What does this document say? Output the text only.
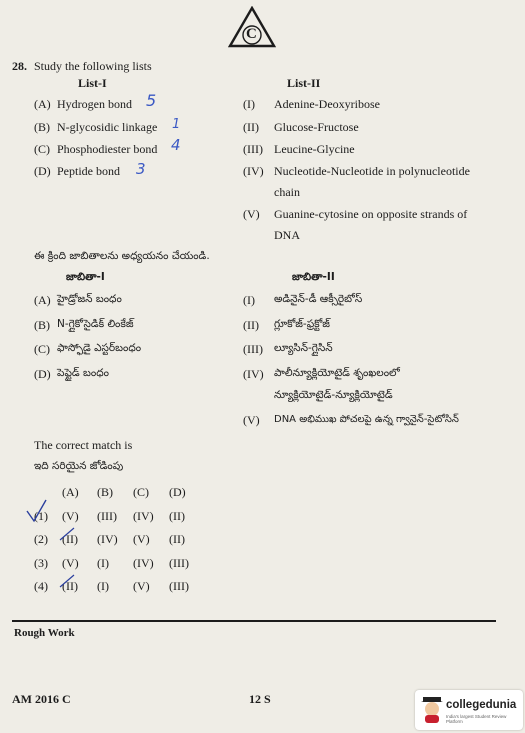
C
28. Study the following lists
List-I	List-II
(A) Hydrogen bond 5
(B) N-glycosidic linkage 1
(C) Phosphodiester bond 4
(D) Peptide bond 3
(I) Adenine-Deoxyribose
(II) Glucose-Fructose
(III) Leucine-Glycine
(IV) Nucleotide-Nucleotide in polynucleotide
chain
(V) Guanine-cytosine on opposite strands of
DNA
ఈ క్రింది జాబితాలను అధ్యయనం చేయండి.
జాబితా-I	జాబితా-II
(A) హైడ్రోజన్ బంధం
(B) N-గ్లైకోసైడిక్ లింకేజ్
(C) ఫాస్ఫోడై ఎస్టర్‌బంధం
(D) పెప్టైడ్ బంధం
(I) అడినైన్-డీ ఆక్సీరైబోస్
(II) గ్లూకోజ్-ఫ్రక్టోజ్
(III) ల్యూసిన్-గ్లైసిన్
(IV) పాలీన్యూక్లియోటైడ్ శృంఖలంలో
న్యూక్లియోటైడ్-న్యూక్లియోటైడ్
(V) DNA అభిముఖ పోచలపై ఉన్న గ్వానైన్-సైటోసిన్
The correct match is
ఇది సరియైన జోడింపు
(A) (B) (C) (D)
(1) (V) (III) (IV) (II)
(2) (II) (IV) (V) (II)
(3) (V) (I) (IV) (III)
(4) (II) (I) (V) (III)
Rough Work
AM 2016 C	12 S	collegedunia
India's largest Student Review Platform
